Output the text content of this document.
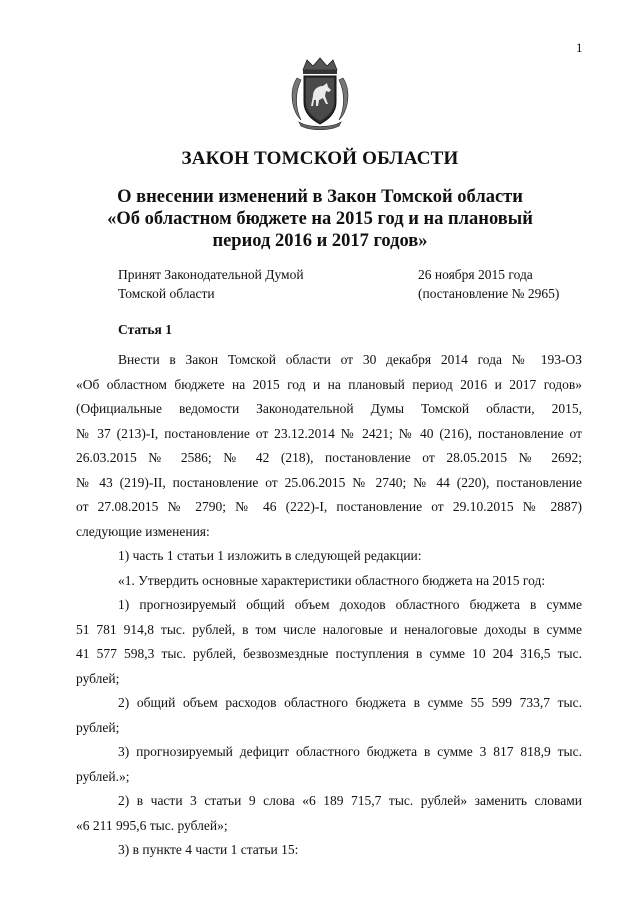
1
ЗАКОН ТОМСКОЙ ОБЛАСТИ
О внесении изменений в Закон Томской области
«Об областном бюджете на 2015 год и на плановый
период 2016 и 2017 годов»
Принят Законодательной Думой
Томской области
26 ноября 2015 года
(постановление № 2965)
Статья 1

Внести в Закон Томской области от 30 декабря 2014 года № 193-ОЗ

«Об областном бюджете на 2015 год и на плановый период 2016 и 2017 годов»
(Официальные ведомости Законодательной Думы Томской области, 2015,
№ 37 (213)-I, постановление от 23.12.2014 № 2421; № 40 (216), постановление от
26.03.2015 № 2586; № 42 (218), постановление от 28.05.2015 № 2692;
№ 43 (219)-II, постановление от 25.06.2015 № 2740; № 44 (220), постановление
от 27.08.2015 № 2790; № 46 (222)-I, постановление от 29.10.2015 № 2887)
следующие изменения:

1) часть 1 статьи 1 изложить в следующей редакции:

«1. Утвердить основные характеристики областного бюджета на 2015 год:

1) прогнозируемый общий объем доходов областного бюджета в сумме

51 781 914,8 тыс. рублей, в том числе налоговые и неналоговые доходы в сумме
41 577 598,3 тыс. рублей, безвозмездные поступления в сумме 10 204 316,5 тыс.
рублей;

2) общий объем расходов областного бюджета в сумме 55 599 733,7 тыс.

рублей;

3) прогнозируемый дефицит областного бюджета в сумме 3 817 818,9 тыс.

рублей.»;

2) в части 3 статьи 9 слова «6 189 715,7 тыс. рублей» заменить словами

«6 211 995,6 тыс. рублей»;

3) в пункте 4 части 1 статьи 15:
